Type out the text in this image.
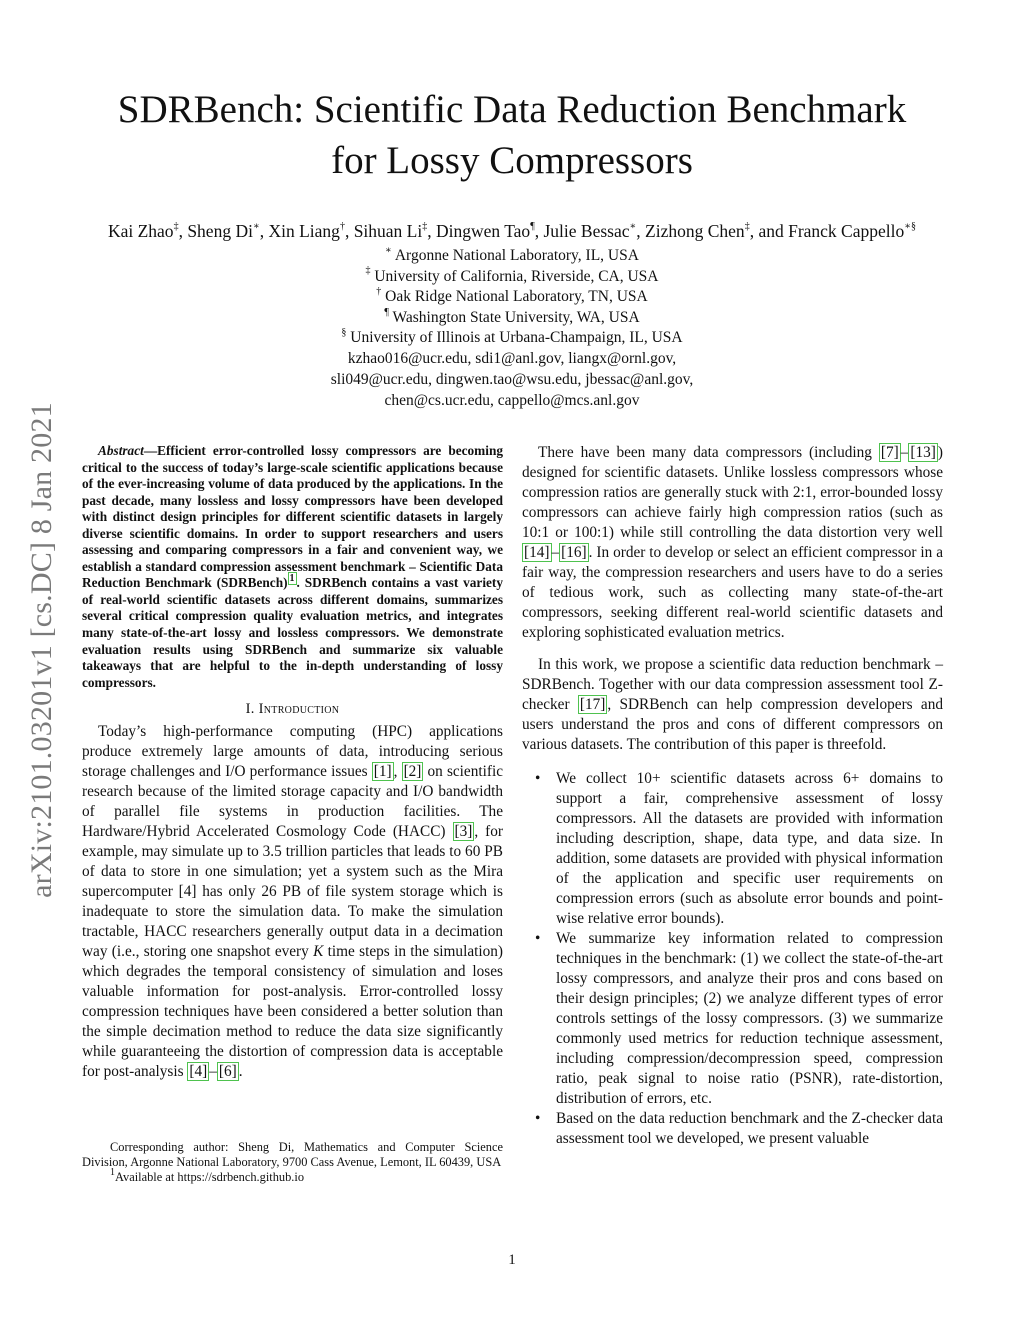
arXiv:2101.03201v1 [cs.DC] 8 Jan 2021
SDRBench: Scientific Data Reduction Benchmark
for Lossy Compressors
Kai Zhao‡, Sheng Di∗, Xin Liang†, Sihuan Li‡, Dingwen Tao¶, Julie Bessac∗, Zizhong Chen‡, and Franck Cappello∗§
∗ Argonne National Laboratory, IL, USA
‡ University of California, Riverside, CA, USA
† Oak Ridge National Laboratory, TN, USA
¶ Washington State University, WA, USA
§ University of Illinois at Urbana-Champaign, IL, USA
kzhao016@ucr.edu, sdi1@anl.gov, liangx@ornl.gov,
sli049@ucr.edu, dingwen.tao@wsu.edu, jbessac@anl.gov,
chen@cs.ucr.edu, cappello@mcs.anl.gov

Abstract—Efficient error-controlled lossy compressors are becoming critical to the success of today’s large-scale scientific applications because of the ever-increasing volume of data produced by the applications. In the past decade, many lossless and lossy compressors have been developed with distinct design principles for different scientific datasets in largely diverse scientific domains. In order to support researchers and users assessing and comparing compressors in a fair and convenient way, we establish a standard compression assessment benchmark – Scientific Data Reduction Benchmark (SDRBench) $^1$ . SDRBench contains a vast variety of real-world scientific datasets across different domains, summarizes several critical compression quality evaluation metrics, and integrates many state-of-the-art lossy and lossless compressors. We demonstrate evaluation results using SDRBench and summarize six valuable takeaways that are helpful to the in-depth understanding of lossy compressors.

I. Introduction

Today’s high-performance computing (HPC) applications produce extremely large amounts of data, introducing serious storage challenges and I/O performance issues [1] , [2] on scientific research because of the limited storage capacity and I/O bandwidth of parallel file systems in production facilities. The Hardware/Hybrid Accelerated Cosmology Code (HACC) [3] , for example, may simulate up to 3.5 trillion particles that leads to 60 PB of data to store in one simulation; yet a system such as the Mira supercomputer [4] has only 26 PB of file system storage which is inadequate to store the simulation data. To make the simulation tractable, HACC researchers generally output data in a decimation way (i.e., storing one snapshot every K time steps in the simulation) which degrades the temporal consistency of simulation and loses valuable information for post-analysis. Error-controlled lossy compression techniques have been considered a better solution than the simple decimation method to reduce the data size significantly while guaranteeing the distortion of compression data is acceptable for post-analysis [4] – [6] .

Corresponding author: Sheng Di, Mathematics and Computer Science Division, Argonne National Laboratory, 9700 Cass Avenue, Lemont, IL 60439, USA
$^1$Available at https://sdrbench.github.io

There have been many data compressors (including [7] – [13] ) designed for scientific datasets. Unlike lossless compressors whose compression ratios are generally stuck with 2:1, error-bounded lossy compressors can achieve fairly high compression ratios (such as 10:1 or 100:1) while still controlling the data distortion very well [14] – [16] . In order to develop or select an efficient compressor in a fair way, the compression researchers and users have to do a series of tedious work, such as collecting many state-of-the-art compressors, seeking different real-world scientific datasets and exploring sophisticated evaluation metrics.

In this work, we propose a scientific data reduction benchmark – SDRBench. Together with our data compression assessment tool Z-checker [17] , SDRBench can help compression developers and users understand the pros and cons of different compressors on various datasets. The contribution of this paper is threefold.

• We collect 10+ scientific datasets across 6+ domains to support a fair, comprehensive assessment of lossy compressors. All the datasets are provided with information including description, shape, data type, and data size. In addition, some datasets are provided with physical information of the application and specific user requirements on compression errors (such as absolute error bounds and point-wise relative error bounds).
• We summarize key information related to compression techniques in the benchmark: (1) we collect the state-of-the-art lossy compressors, and analyze their pros and cons based on their design principles; (2) we analyze different types of error controls settings of the lossy compressors. (3) we summarize commonly used metrics for reduction technique assessment, including compression/decompression speed, compression ratio, peak signal to noise ratio (PSNR), rate-distortion, distribution of errors, etc.
• Based on the data reduction benchmark and the Z-checker data assessment tool we developed, we present valuable
1
